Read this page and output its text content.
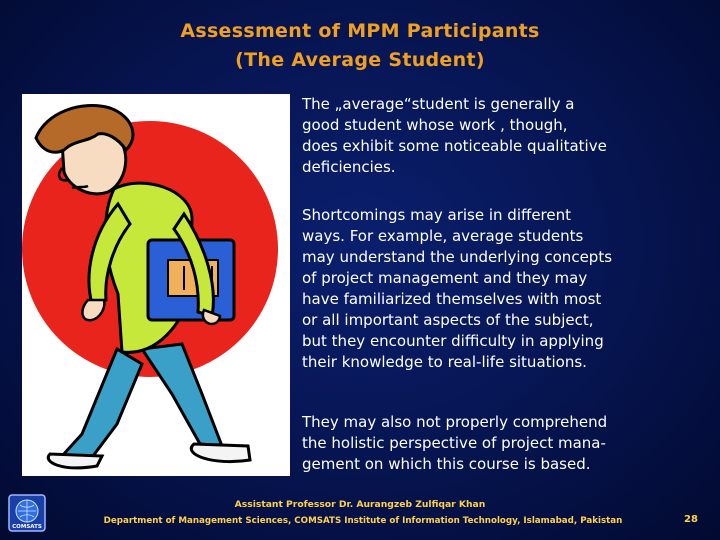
Assessment of MPM Participants
(The Average Student)
The „average“student is generally a
good student whose work , though,
does exhibit some noticeable qualitative
deficiencies.
Shortcomings may arise in different
ways. For example, average students
may understand the underlying concepts
of project management and they may
have familiarized themselves with most
or all important aspects of the subject,
but they encounter difficulty in applying
their knowledge to real-life situations.
They may also not properly comprehend
the holistic perspective of project mana-
gement on which this course is based.
COMSATS
Assistant Professor Dr. Aurangzeb Zulfiqar Khan
Department of Management Sciences, COMSATS Institute of Information Technology, Islamabad, Pakistan	28
